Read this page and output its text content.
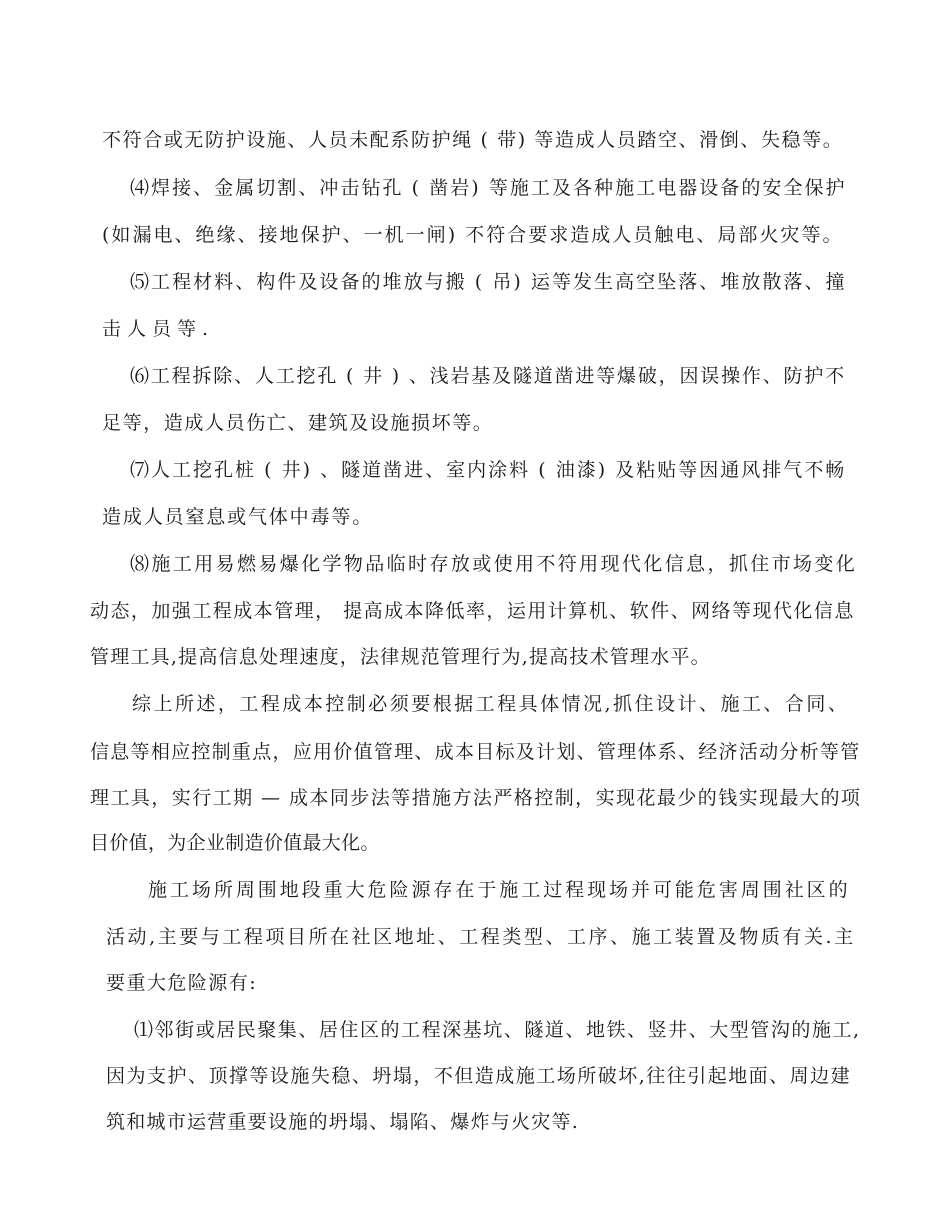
不符合或无防护设施、人员未配系防护绳 ( 带) 等造成人员踏空、滑倒、失稳等。
⑷焊接、金属切割、冲击钻孔 ( 凿岩) 等施工及各种施工电器设备的安全保护
(如漏电、绝缘、接地保护、一机一闸) 不符合要求造成人员触电、局部火灾等。
⑸工程材料、构件及设备的堆放与搬 ( 吊) 运等发生高空坠落、堆放散落、撞
击人员等.
⑹工程拆除、人工挖孔 ( 井 ) 、浅岩基及隧道凿进等爆破，因误操作、防护不
足等，造成人员伤亡、建筑及设施损坏等。
⑺人工挖孔桩 ( 井) 、隧道凿进、室内涂料 ( 油漆) 及粘贴等因通风排气不畅
造成人员窒息或气体中毒等。
⑻施工用易燃易爆化学物品临时存放或使用不符用现代化信息，抓住市场变化
动态，加强工程成本管理， 提高成本降低率，运用计算机、软件、网络等现代化信息
管理工具,提高信息处理速度，法律规范管理行为,提高技术管理水平。
综上所述，工程成本控制必须要根据工程具体情况,抓住设计、施工、合同、
信息等相应控制重点，应用价值管理、成本目标及计划、管理体系、经济活动分析等管
理工具，实行工期 — 成本同步法等措施方法严格控制，实现花最少的钱实现最大的项
目价值，为企业制造价值最大化。
施工场所周围地段重大危险源存在于施工过程现场并可能危害周围社区的
活动,主要与工程项目所在社区地址、工程类型、工序、施工装置及物质有关.主
要重大危险源有:
⑴邻街或居民聚集、居住区的工程深基坑、隧道、地铁、竖井、大型管沟的施工,
因为支护、顶撑等设施失稳、坍塌，不但造成施工场所破坏,往往引起地面、周边建
筑和城市运营重要设施的坍塌、塌陷、爆炸与火灾等.
